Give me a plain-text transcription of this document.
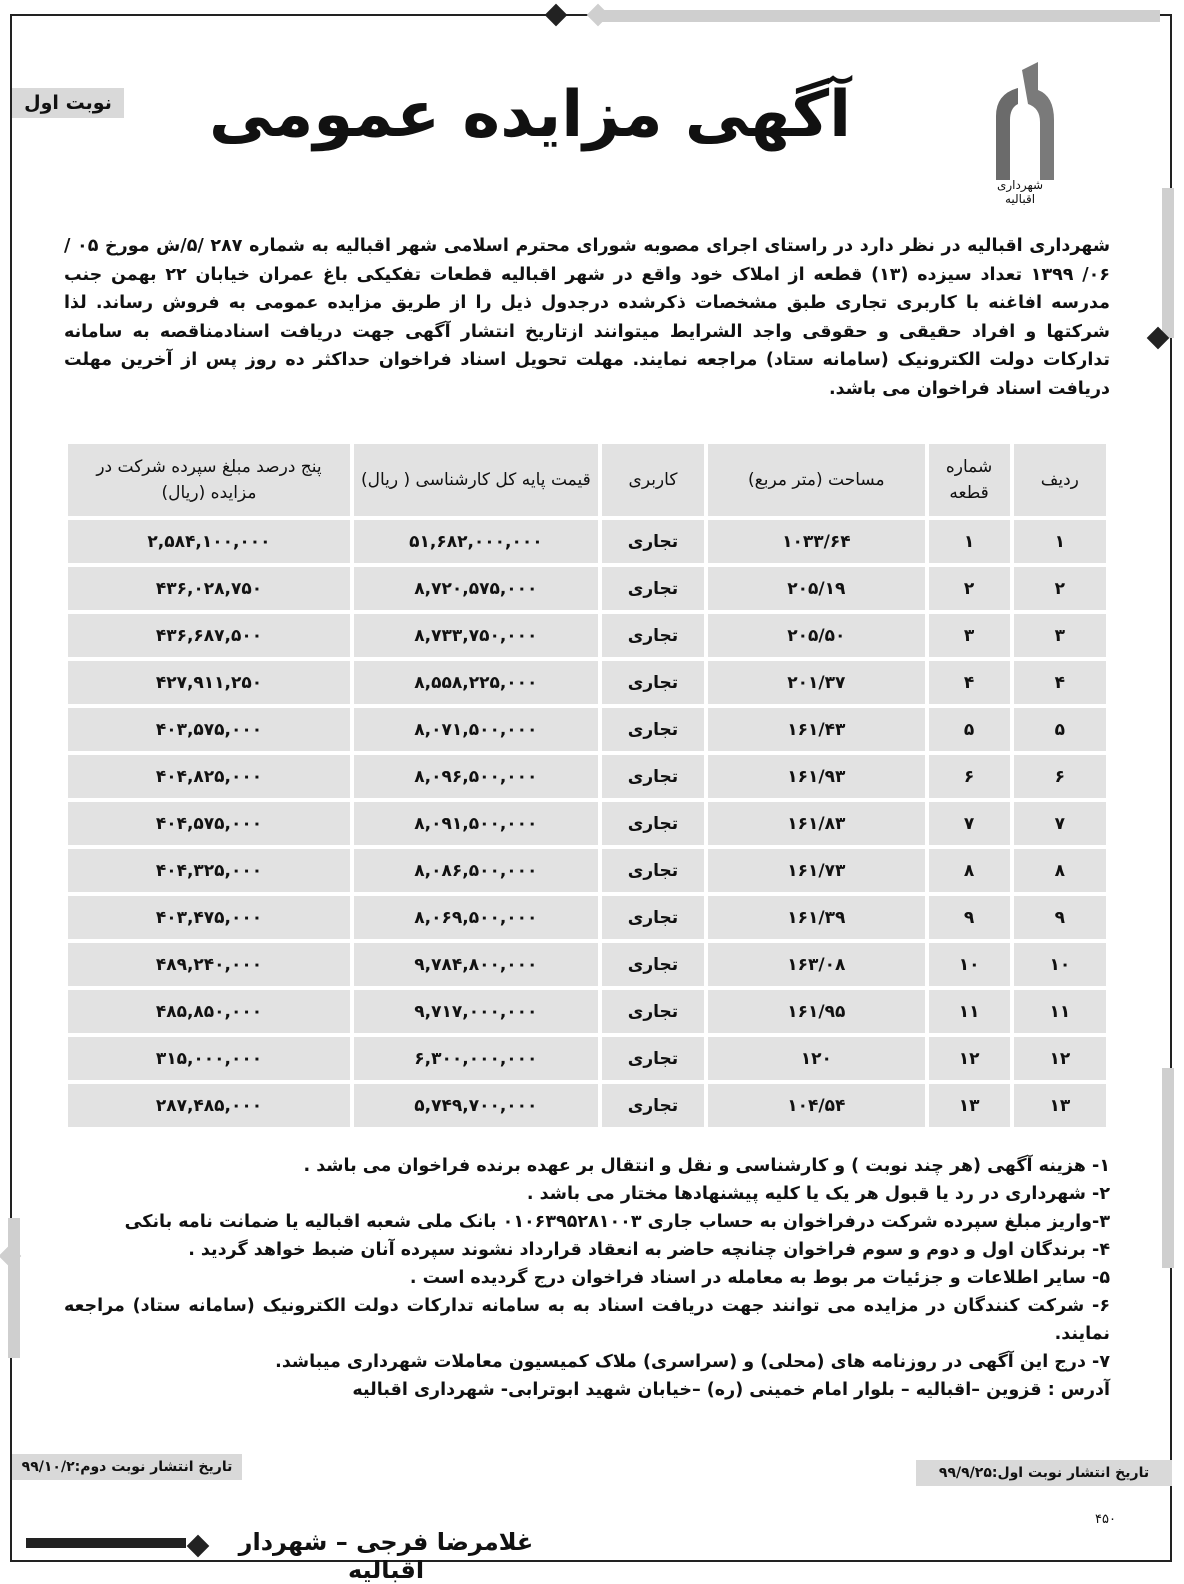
نوبت اول
شهرداری اقبالیه
آگهی مزایده عمومی
شهرداری اقبالیه در نظر دارد در راستای اجرای مصوبه شورای محترم اسلامی شهر اقبالیه به شماره ۲۸۷ /۵/ش مورخ ۰۵ /۰۶/ ۱۳۹۹ تعداد سیزده (۱۳) قطعه از املاک خود واقع در شهر اقبالیه قطعات تفکیکی باغ عمران خیابان ۲۲ بهمن جنب مدرسه افاغنه با کاربری تجاری طبق مشخصات ذکرشده درجدول ذیل را از طریق مزایده عمومی به فروش رساند. لذا شرکتها و افراد حقیقی و حقوقی واجد الشرایط میتوانند ازتاریخ انتشار آگهی جهت دریافت اسنادمناقصه به سامانه تدارکات دولت الکترونیک (سامانه ستاد) مراجعه نمایند. مهلت تحویل اسناد فراخوان حداکثر ده روز پس از آخرین مهلت دریافت اسناد فراخوان می باشد.
ردیف	شماره قطعه	مساحت (متر مربع)	کاربری	قیمت پایه کل کارشناسی ( ریال)	پنج درصد مبلغ سپرده شرکت در مزایده (ریال)
۱	۱	۱۰۳۳/۶۴	تجاری	۵۱,۶۸۲,۰۰۰,۰۰۰	۲,۵۸۴,۱۰۰,۰۰۰
۲	۲	۲۰۵/۱۹	تجاری	۸,۷۲۰,۵۷۵,۰۰۰	۴۳۶,۰۲۸,۷۵۰
۳	۳	۲۰۵/۵۰	تجاری	۸,۷۳۳,۷۵۰,۰۰۰	۴۳۶,۶۸۷,۵۰۰
۴	۴	۲۰۱/۳۷	تجاری	۸,۵۵۸,۲۲۵,۰۰۰	۴۲۷,۹۱۱,۲۵۰
۵	۵	۱۶۱/۴۳	تجاری	۸,۰۷۱,۵۰۰,۰۰۰	۴۰۳,۵۷۵,۰۰۰
۶	۶	۱۶۱/۹۳	تجاری	۸,۰۹۶,۵۰۰,۰۰۰	۴۰۴,۸۲۵,۰۰۰
۷	۷	۱۶۱/۸۳	تجاری	۸,۰۹۱,۵۰۰,۰۰۰	۴۰۴,۵۷۵,۰۰۰
۸	۸	۱۶۱/۷۳	تجاری	۸,۰۸۶,۵۰۰,۰۰۰	۴۰۴,۳۲۵,۰۰۰
۹	۹	۱۶۱/۳۹	تجاری	۸,۰۶۹,۵۰۰,۰۰۰	۴۰۳,۴۷۵,۰۰۰
۱۰	۱۰	۱۶۳/۰۸	تجاری	۹,۷۸۴,۸۰۰,۰۰۰	۴۸۹,۲۴۰,۰۰۰
۱۱	۱۱	۱۶۱/۹۵	تجاری	۹,۷۱۷,۰۰۰,۰۰۰	۴۸۵,۸۵۰,۰۰۰
۱۲	۱۲	۱۲۰	تجاری	۶,۳۰۰,۰۰۰,۰۰۰	۳۱۵,۰۰۰,۰۰۰
۱۳	۱۳	۱۰۴/۵۴	تجاری	۵,۷۴۹,۷۰۰,۰۰۰	۲۸۷,۴۸۵,۰۰۰

۱- هزینه آگهی (هر چند نوبت ) و کارشناسی و نقل و انتقال بر عهده برنده فراخوان می باشد .

۲- شهرداری در رد یا قبول هر یک یا کلیه پیشنهادها مختار می باشد .

۳-واریز مبلغ سپرده شرکت درفراخوان به حساب جاری ۰۱۰۶۳۹۵۲۸۱۰۰۳ بانک ملی شعبه اقبالیه یا ضمانت نامه بانکی

۴- برندگان اول و دوم و سوم فراخوان چنانچه حاضر به انعقاد قرارداد نشوند سپرده آنان ضبط خواهد گردید .

۵- سایر اطلاعات و جزئیات مر بوط به معامله در اسناد فراخوان درج گردیده است .

۶- شرکت کنندگان در مزایده می توانند جهت دریافت اسناد به به سامانه تدارکات دولت الکترونیک (سامانه ستاد) مراجعه نمایند.

۷- درج این آگهی در روزنامه های (محلی) و (سراسری) ملاک کمیسیون معاملات شهرداری میباشد.

آدرس : قزوین –اقبالیه – بلوار امام خمینی (ره) –خیابان شهید ابوترابی- شهرداری اقبالیه

تاریخ انتشار نوبت اول:۹۹/۹/۲۵
تاریخ انتشار نوبت دوم:۹۹/۱۰/۲
۴۵۰
غلامرضا فرجی – شهردار اقبالیه
